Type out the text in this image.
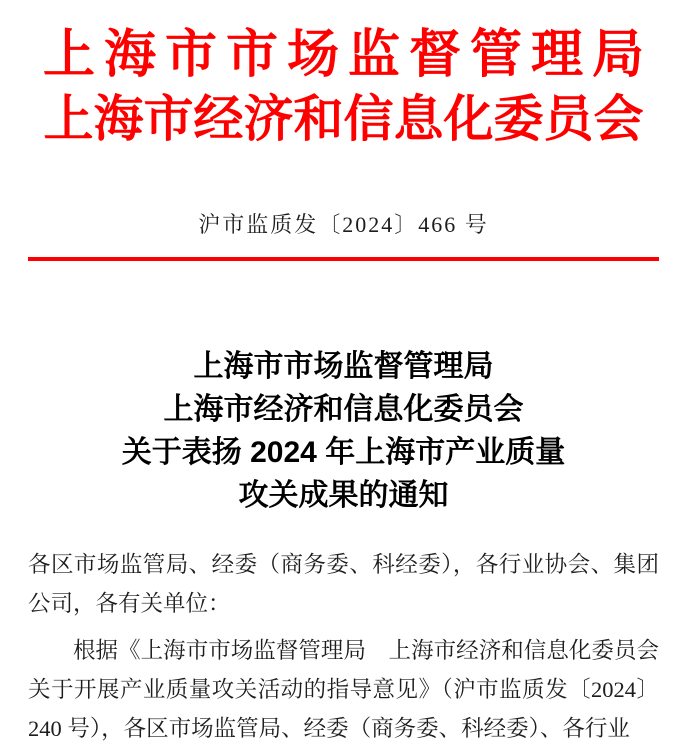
上海市市场监督管理局
上海市经济和信息化委员会
沪市监质发〔2024〕466 号
上海市市场监督管理局
上海市经济和信息化委员会
关于表扬 2024 年上海市产业质量
攻关成果的通知

各区市场监管局、经委（商务委、科经委），各行业协会、集团公司，各有关单位：

根据《上海市市场监督管理局　上海市经济和信息化委员会关于开展产业质量攻关活动的指导意见》（沪市监质发〔2024〕240 号），各区市场监管局、经委（商务委、科经委）、各行业
